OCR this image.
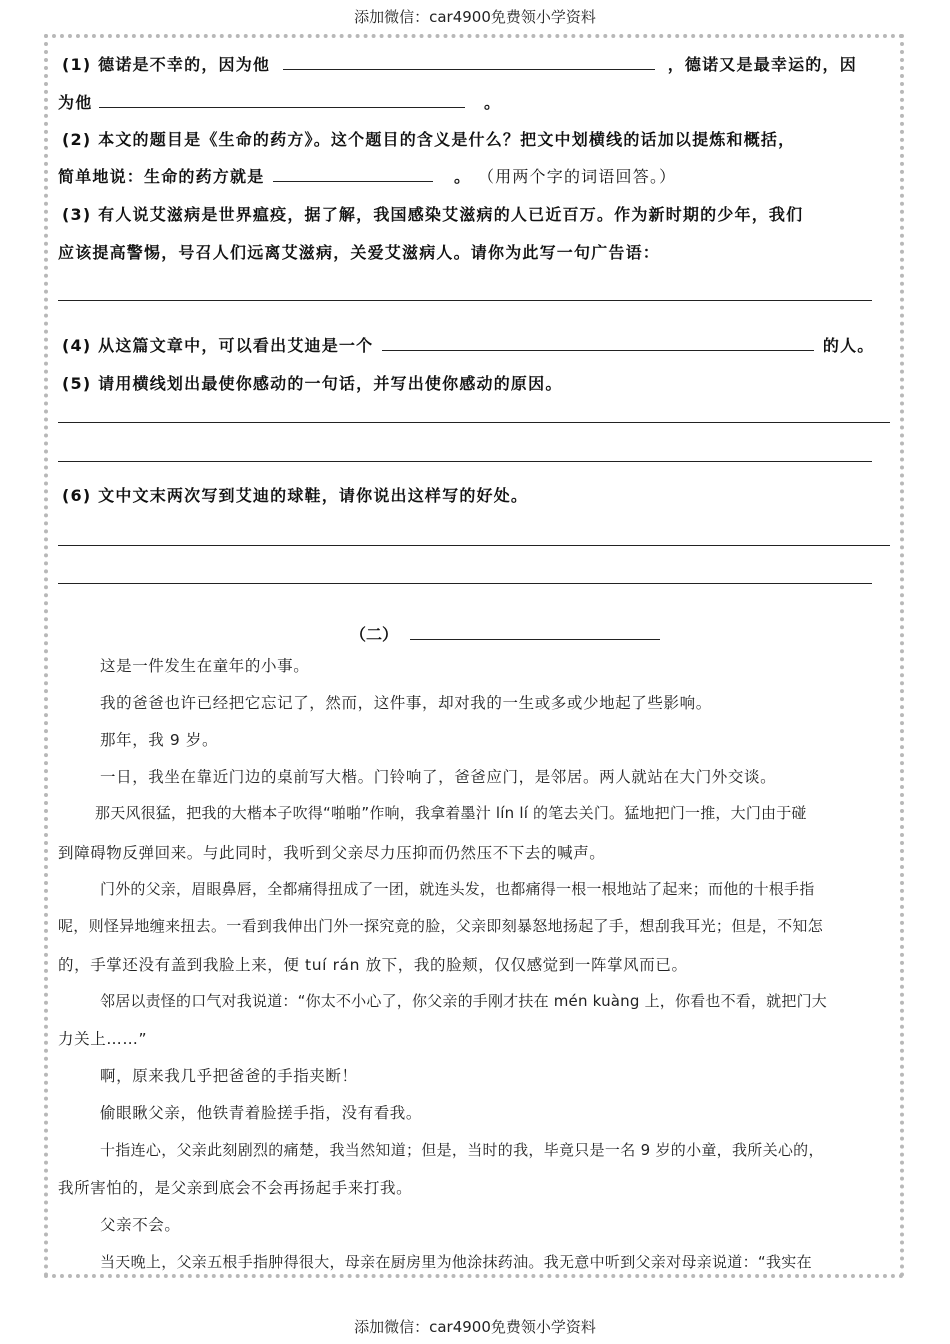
添加微信：car4900免费领小学资料
(1) 德诺是不幸的，因为他	，德诺又是最幸运的，因
为他	。
(2) 本文的题目是《生命的药方》。这个题目的含义是什么？把文中划横线的话加以提炼和概括，
简单地说：生命的药方就是	。 （用两个字的词语回答。）
(3) 有人说艾滋病是世界瘟疫，据了解，我国感染艾滋病的人已近百万。作为新时期的少年，我们
应该提高警惕，号召人们远离艾滋病，关爱艾滋病人。请你为此写一句广告语：
(4) 从这篇文章中，可以看出艾迪是一个	的人。
(5) 请用横线划出最使你感动的一句话，并写出使你感动的原因。
(6) 文中文末两次写到艾迪的球鞋，请你说出这样写的好处。
（二）
这是一件发生在童年的小事。
我的爸爸也许已经把它忘记了，然而，这件事，却对我的一生或多或少地起了些影响。
那年，我 9 岁。
一日，我坐在靠近门边的桌前写大楷。门铃响了，爸爸应门，是邻居。两人就站在大门外交谈。
那天风很猛，把我的大楷本子吹得“啪啪”作响，我拿着墨汁 lín lí 的笔去关门。猛地把门一推，大门由于碰
到障碍物反弹回来。与此同时，我听到父亲尽力压抑而仍然压不下去的喊声。
门外的父亲，眉眼鼻唇，全都痛得扭成了一团，就连头发，也都痛得一根一根地站了起来；而他的十根手指
呢，则怪异地缠来扭去。一看到我伸出门外一探究竟的脸，父亲即刻暴怒地扬起了手，想刮我耳光；但是，不知怎
的，手掌还没有盖到我脸上来，便 tuí rán 放下，我的脸颊，仅仅感觉到一阵掌风而已。
邻居以责怪的口气对我说道：“你太不小心了，你父亲的手刚才扶在 mén kuàng 上，你看也不看，就把门大
力关上……”
啊，原来我几乎把爸爸的手指夹断！
偷眼瞅父亲，他铁青着脸搓手指，没有看我。
十指连心，父亲此刻剧烈的痛楚，我当然知道；但是，当时的我，毕竟只是一名 9 岁的小童，我所关心的，
我所害怕的，是父亲到底会不会再扬起手来打我。
父亲不会。
当天晚上，父亲五根手指肿得很大，母亲在厨房里为他涂抹药油。我无意中听到父亲对母亲说道：“我实在
添加微信：car4900免费领小学资料
